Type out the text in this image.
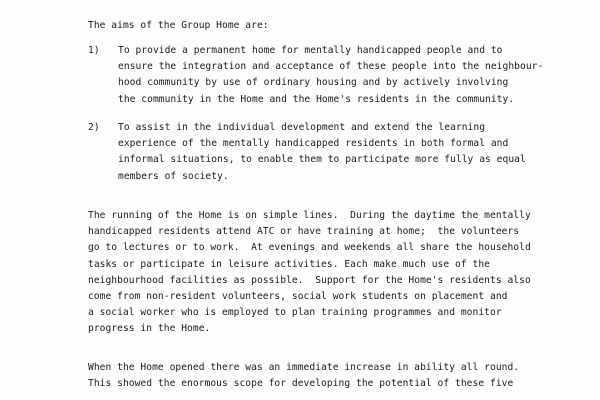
The aims of the Group Home are:
1) To provide a permanent home for mentally handicapped people and to
ensure the integration and acceptance of these people into the neighbour-
hood community by use of ordinary housing and by actively involving
the community in the Home and the Home's residents in the community.
2) To assist in the individual development and extend the learning
experience of the mentally handicapped residents in both formal and
informal situations, to enable them to participate more fully as equal
members of society.
The running of the Home is on simple lines.  During the daytime the mentally
handicapped residents attend ATC or have training at home;  the volunteers
go to lectures or to work.  At evenings and weekends all share the household
tasks or participate in leisure activities. Each make much use of the
neighbourhood facilities as possible.  Support for the Home's residents also
come from non-resident volunteers, social work students on placement and
a social worker who is employed to plan training programmes and monitor
progress in the Home.
When the Home opened there was an immediate increase in ability all round.
This showed the enormous scope for developing the potential of these five
